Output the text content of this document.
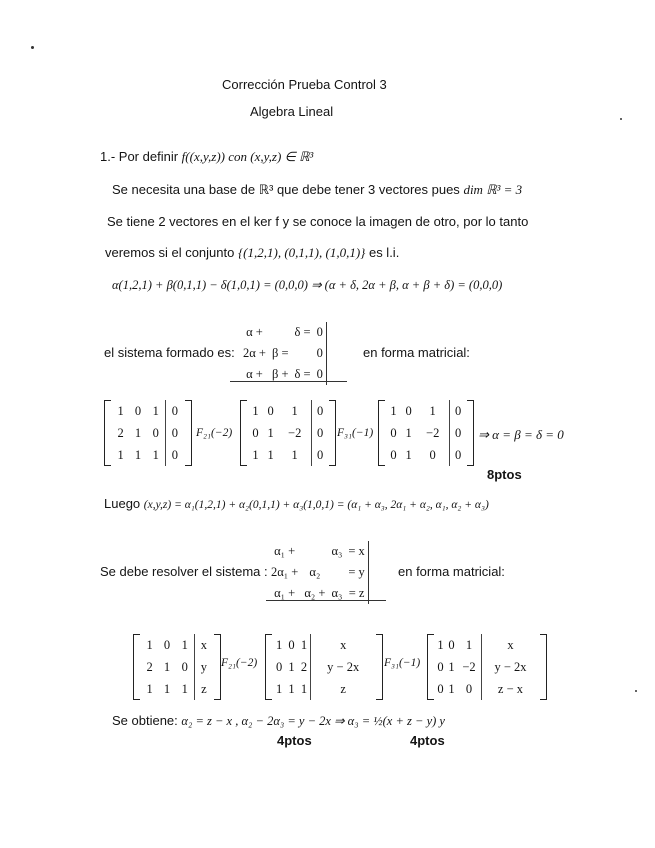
Corrección Prueba Control 3
Algebra Lineal
1.- Por definir f((x,y,z)) con (x,y,z) ∈ ℝ³
Se necesita una base de ℝ³ que debe tener 3 vectores pues dim ℝ³ = 3
Se tiene 2 vectores en el ker f y se conoce la imagen de otro, por lo tanto
veremos si el conjunto {(1,2,1), (0,1,1), (1,0,1)} es l.i.
α(1,2,1) + β(0,1,1) − δ(1,0,1) = (0,0,0) ⇒ (α + δ, 2α + β, α + β + δ) = (0,0,0)
el sistema formado es:
α +		δ =	0
2α +	β =		0
α +	β +	δ =	0
en forma matricial:
1	0	1	0
2	1	0	0
1	1	1	0
F₂₁(−2)
1	0	1	0
0	1	−2	0
1	1	1	0
F₃₁(−1)
1	0	1	0
0	1	−2	0
0	1	0	0
⇒ α = β = δ = 0
8ptos
Luego (x,y,z) = α₁(1,2,1) + α₂(0,1,1) + α₃(1,0,1) = (α₁ + α₃, 2α₁ + α₂, α₁, α₂ + α₃)
Se debe resolver el sistema :
α₁ +		α₃	= x
2α₁ +	α₂		= y
α₁ +	α₂ +	α₃	= z
en forma matricial:
1	0	1	x
2	1	0	y
1	1	1	z
F₂₁(−2)
1	0	1	x
0	1	2	y − 2x
1	1	1	z
F₃₁(−1)
1	0	1	x
0	1	−2	y − 2x
0	1	0	z − x
Se obtiene: α₂ = z − x , α₂ − 2α₃ = y − 2x ⇒ α₃ = ½(x + z − y) y
4ptos	4ptos
